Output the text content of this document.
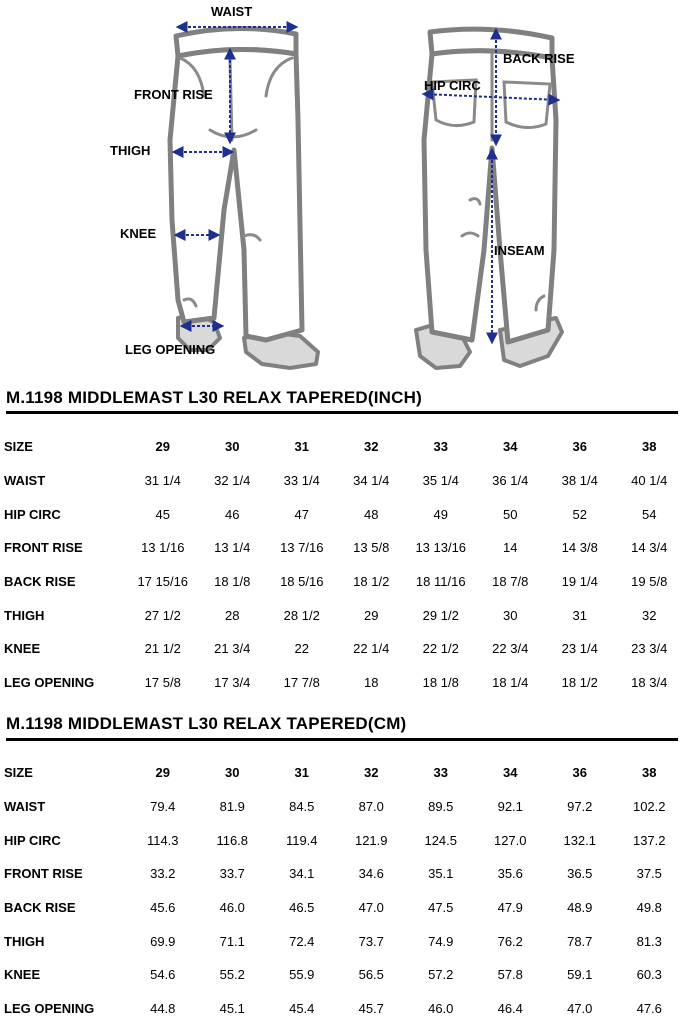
WAIST
FRONT RISE
THIGH
KNEE
LEG OPENING
BACK RISE
HIP CIRC
INSEAM
M.1198 MIDDLEMAST L30 RELAX TAPERED(INCH)
SIZE	29	30	31	32	33	34	36	38
WAIST	31 1/4	32 1/4	33 1/4	34 1/4	35 1/4	36 1/4	38 1/4	40 1/4
HIP CIRC	45	46	47	48	49	50	52	54
FRONT RISE	13 1/16	13 1/4	13 7/16	13 5/8	13 13/16	14	14 3/8	14 3/4
BACK RISE	17 15/16	18 1/8	18 5/16	18 1/2	18 11/16	18 7/8	19 1/4	19 5/8
THIGH	27 1/2	28	28 1/2	29	29 1/2	30	31	32
KNEE	21 1/2	21 3/4	22	22 1/4	22 1/2	22 3/4	23 1/4	23 3/4
LEG OPENING	17 5/8	17 3/4	17 7/8	18	18 1/8	18 1/4	18 1/2	18 3/4
M.1198 MIDDLEMAST L30 RELAX TAPERED(CM)
SIZE	29	30	31	32	33	34	36	38
WAIST	79.4	81.9	84.5	87.0	89.5	92.1	97.2	102.2
HIP CIRC	114.3	116.8	119.4	121.9	124.5	127.0	132.1	137.2
FRONT RISE	33.2	33.7	34.1	34.6	35.1	35.6	36.5	37.5
BACK RISE	45.6	46.0	46.5	47.0	47.5	47.9	48.9	49.8
THIGH	69.9	71.1	72.4	73.7	74.9	76.2	78.7	81.3
KNEE	54.6	55.2	55.9	56.5	57.2	57.8	59.1	60.3
LEG OPENING	44.8	45.1	45.4	45.7	46.0	46.4	47.0	47.6
